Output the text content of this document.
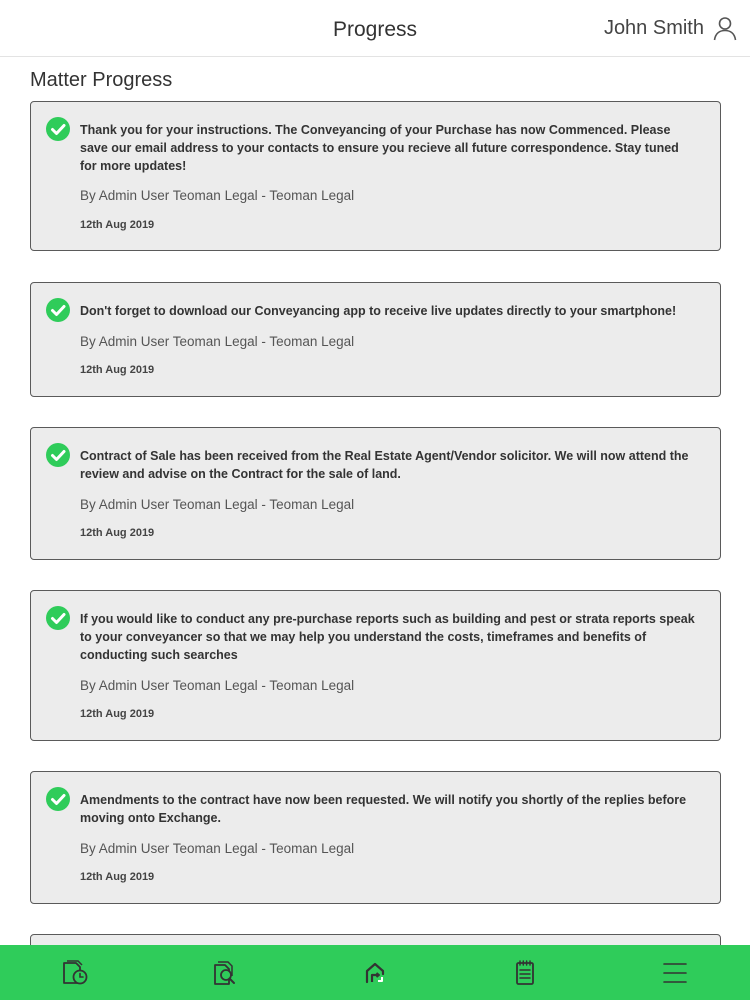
Progress	John Smith
Matter Progress
Thank you for your instructions. The Conveyancing of your Purchase has now Commenced. Please save our email address to your contacts to ensure you recieve all future correspondence. Stay tuned for more updates!
By Admin User Teoman Legal - Teoman Legal
12th Aug 2019
Don't forget to download our Conveyancing app to receive live updates directly to your smartphone!
By Admin User Teoman Legal - Teoman Legal
12th Aug 2019
Contract of Sale has been received from the Real Estate Agent/Vendor solicitor. We will now attend the review and advise on the Contract for the sale of land.
By Admin User Teoman Legal - Teoman Legal
12th Aug 2019
If you would like to conduct any pre-purchase reports such as building and pest or strata reports speak to your conveyancer so that we may help you understand the costs, timeframes and benefits of conducting such searches
By Admin User Teoman Legal - Teoman Legal
12th Aug 2019
Amendments to the contract have now been requested. We will notify you shortly of the replies before moving onto Exchange.
By Admin User Teoman Legal - Teoman Legal
12th Aug 2019
